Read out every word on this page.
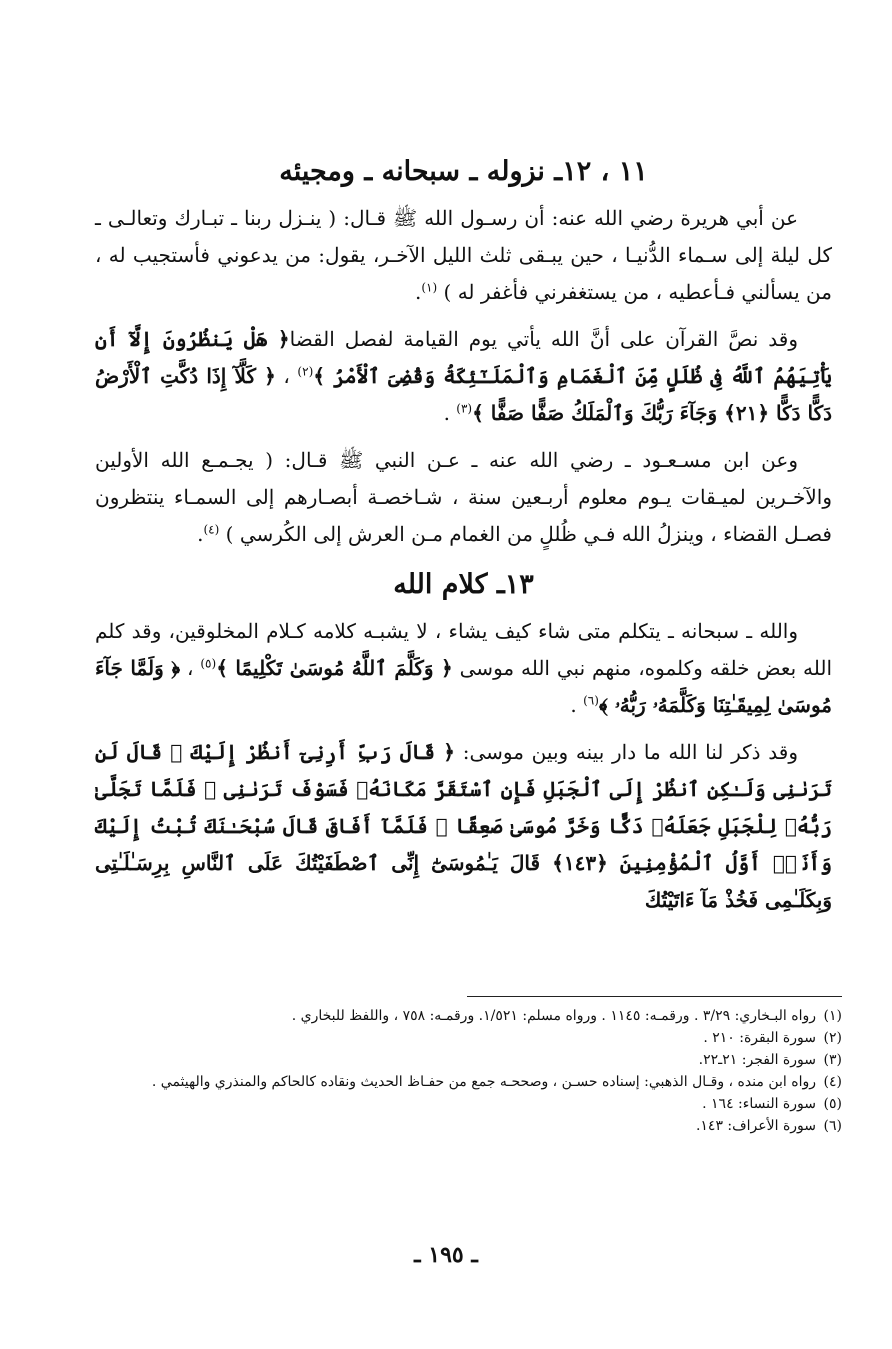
١١ ، ١٢ـ نزوله ـ سبحانه ـ ومجيئه

عن أبي هريرة رضي الله عنه: أن رسـول الله ﷺ قـال: ( ينـزل ربنا ـ تبـارك وتعالـى ـ كل ليلة إلى سـماء الدُّنيـا ، حين يبـقى ثلث الليل الآخـر، يقول: من يدعوني فأستجيب له ، من يسألني فـأعطيه ، من يستغفرني فأغفر له ) $^{(١)}$.

وقد نصَّ القرآن على أنَّ الله يأتي يوم القيامة لفصل القضا﴿ هَلْ يَنظُرُونَ إِلَّآ أَن يَأْتِيَهُمُ ٱللَّهُ فِى ظُلَلٍ مِّنَ ٱلْغَمَامِ وَٱلْمَلَـٰٓئِكَةُ وَقُضِىَ ٱلْأَمْرُ ﴾$^{(٢)}$ ، ﴿ كَلَّآ إِذَا دُكَّتِ ٱلْأَرْضُ دَكًّا دَكًّا ﴿٢١﴾ وَجَآءَ رَبُّكَ وَٱلْمَلَكُ صَفًّا صَفًّا ﴾$^{(٣)}$ .

وعن ابن مسـعـود ـ رضي الله عنه ـ عـن النبي ﷺ قـال: ( يجـمـع الله الأولين والآخـرين لميـقات يـوم معلوم أربـعين سنة ، شـاخصـة أبصـارهم إلى السمـاء ينتظرون فصـل القضاء ، وينزلُ الله فـي ظُللٍ من الغمام مـن العرش إلى الكُرسي ) $^{(٤)}$.

١٣ـ كلام الله

والله ـ سبحانه ـ يتكلم متى شاء كيف يشاء ، لا يشبـه كلامه كـلام المخلوقين، وقد كلم الله بعض خلقه وكلموه، منهم نبي الله موسى ﴿ وَكَلَّمَ ٱللَّهُ مُوسَىٰ تَكْلِيمًا ﴾$^{(٥)}$ ، ﴿ وَلَمَّا جَآءَ مُوسَىٰ لِمِيقَـٰتِنَا وَكَلَّمَهُۥ رَبُّهُۥ ﴾$^{(٦)}$ .

وقد ذكر لنا الله ما دار بينه وبين موسى: ﴿ قَالَ رَبِّ أَرِنِىٓ أَنظُرْ إِلَيْكَ ۚ قَالَ لَن تَرَىٰنِى وَلَـٰكِنِ ٱنظُرْ إِلَى ٱلْجَبَلِ فَإِنِ ٱسْتَقَرَّ مَكَانَهُۥ فَسَوْفَ تَرَىٰنِى ۚ فَلَمَّا تَجَلَّىٰ رَبُّهُۥ لِلْجَبَلِ جَعَلَهُۥ دَكًّا وَخَرَّ مُوسَىٰ صَعِقًا ۚ فَلَمَّآ أَفَاقَ قَالَ سُبْحَـٰنَكَ تُبْتُ إِلَيْكَ وَأَنَا۠ أَوَّلُ ٱلْمُؤْمِنِينَ ﴿١٤٣﴾ قَالَ يَـٰمُوسَىٰٓ إِنِّى ٱصْطَفَيْتُكَ عَلَى ٱلنَّاسِ بِرِسَـٰلَـٰتِى وَبِكَلَـٰمِى فَخُذْ مَآ ءَاتَيْتُكَ

(١)
رواه البـخاري: ٣/٢٩ . ورقمـه: ١١٤٥ . ورواه مسلم: ١/٥٢١. ورقمـه: ٧٥٨ ، واللفظ للبخاري .
(٢)
سورة البقرة: ٢١٠ .
(٣)
سورة الفجر: ٢١ـ٢٢.
(٤)
رواه ابن منده ، وقـال الذهبي: إسناده حسـن ، وصححـه جمع من حفـاظ الحديث ونقاده كالحاكم والمنذري والهيثمي .
(٥)
سورة النساء: ١٦٤ .
(٦)
سورة الأعراف: ١٤٣.
ـ ١٩٥ ـ
